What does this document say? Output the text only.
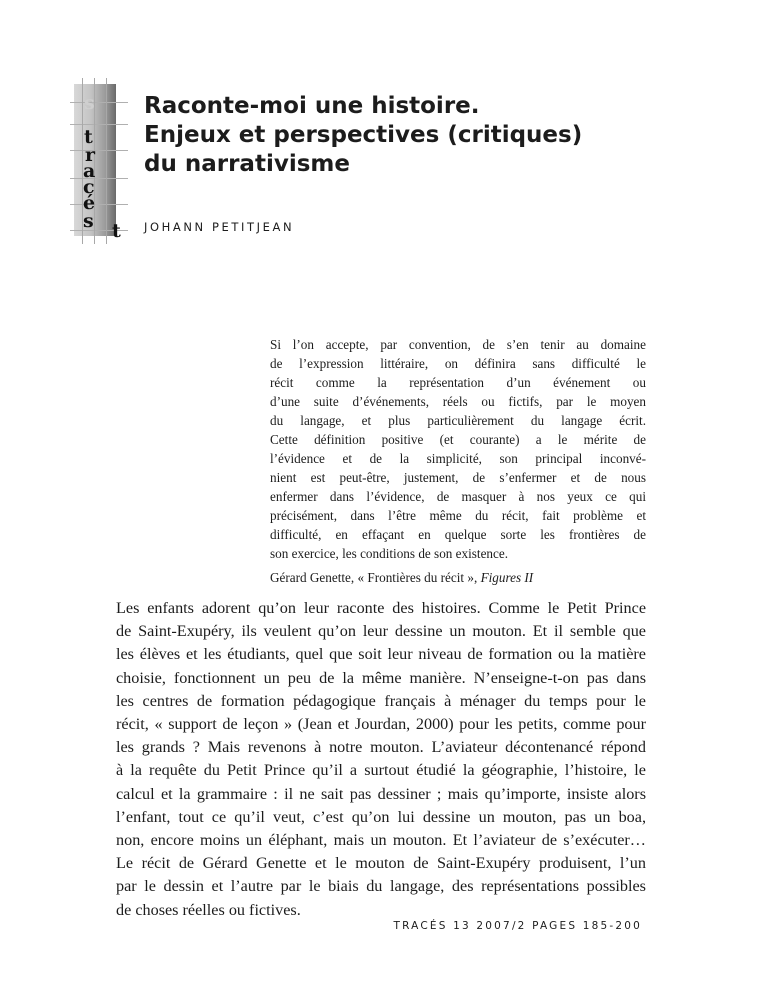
s
t
r
a
c
é
s t
Raconte-moi une histoire.
Enjeux et perspectives (critiques)
du narrativisme
JOHANN PETITJEAN
Si l’on accepte, par convention, de s’en tenir au domaine
de l’expression littéraire, on définira sans difficulté le
récit comme la représentation d’un événement ou
d’une suite d’événements, réels ou fictifs, par le moyen
du langage, et plus particulièrement du langage écrit.
Cette définition positive (et courante) a le mérite de
l’évidence et de la simplicité, son principal inconvé-
nient est peut-être, justement, de s’enfermer et de nous
enfermer dans l’évidence, de masquer à nos yeux ce qui
précisément, dans l’être même du récit, fait problème et
difficulté, en effaçant en quelque sorte les frontières de
son exercice, les conditions de son existence.
Gérard Genette, « Frontières du récit », Figures II
Les enfants adorent qu’on leur raconte des histoires. Comme le Petit Prince
de Saint-Exupéry, ils veulent qu’on leur dessine un mouton. Et il semble que
les élèves et les étudiants, quel que soit leur niveau de formation ou la matière
choisie, fonctionnent un peu de la même manière. N’enseigne-t-on pas dans
les centres de formation pédagogique français à ménager du temps pour le
récit, « support de leçon » (Jean et Jourdan, 2000) pour les petits, comme pour
les grands ? Mais revenons à notre mouton. L’aviateur décontenancé répond
à la requête du Petit Prince qu’il a surtout étudié la géographie, l’histoire, le
calcul et la grammaire : il ne sait pas dessiner ; mais qu’importe, insiste alors
l’enfant, tout ce qu’il veut, c’est qu’on lui dessine un mouton, pas un boa,
non, encore moins un éléphant, mais un mouton. Et l’aviateur de s’exécuter…
Le récit de Gérard Genette et le mouton de Saint-Exupéry produisent, l’un
par le dessin et l’autre par le biais du langage, des représentations possibles
de choses réelles ou fictives.
TRACÉS 13 2007/2 PAGES 185-200
